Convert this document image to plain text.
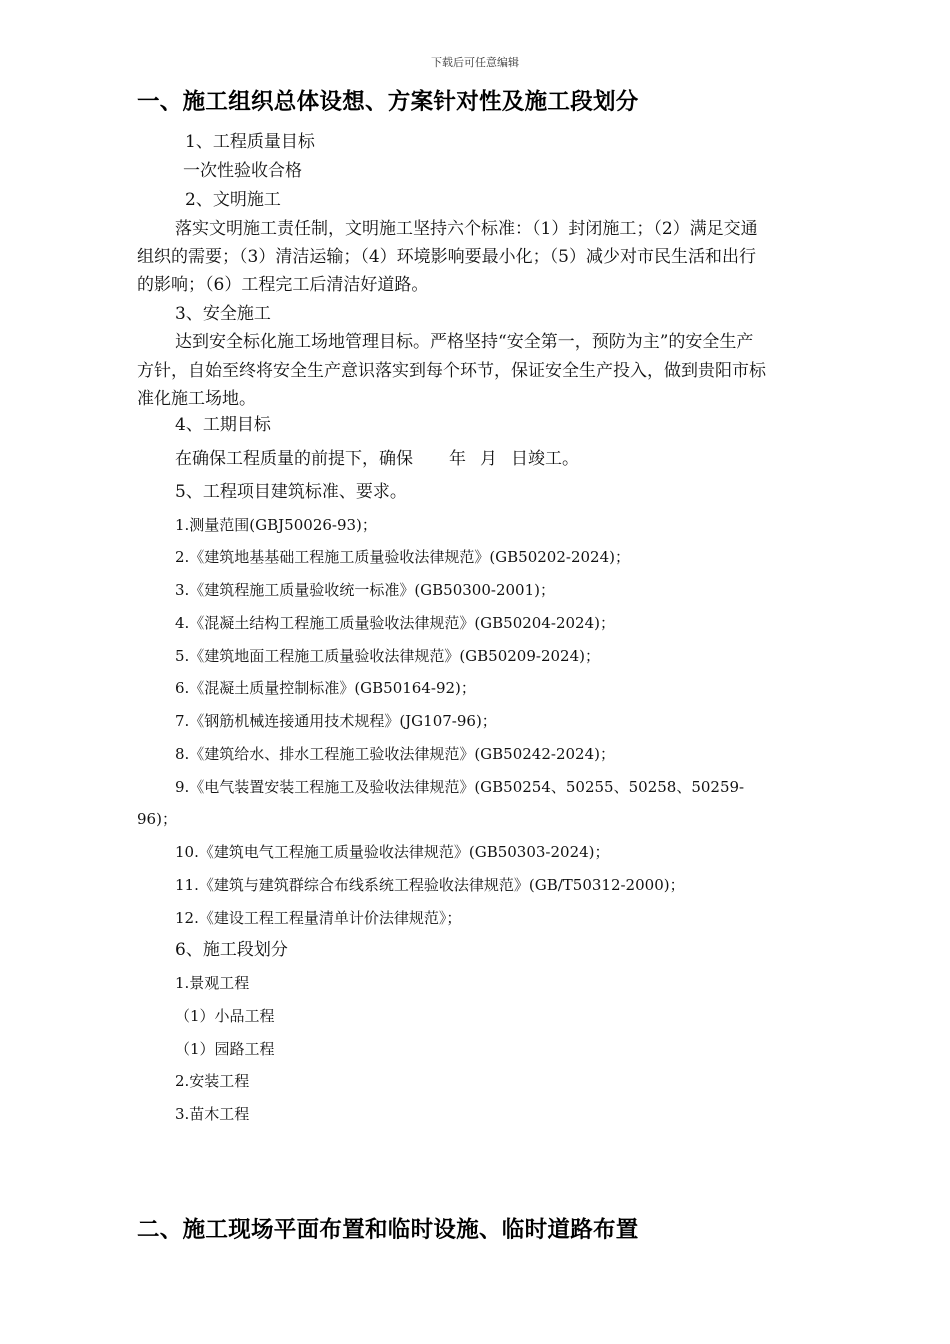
下载后可任意编辑
一、施工组织总体设想、方案针对性及施工段划分
1、工程质量目标
一次性验收合格
2、文明施工
落实文明施工责任制，文明施工坚持六个标准：（1）封闭施工；（2）满足交通
组织的需要；（3）清洁运输；（4）环境影响要最小化；（5）减少对市民生活和出行
的影响；（6）工程完工后清洁好道路。
3、安全施工
达到安全标化施工场地管理目标。严格坚持“安全第一，预防为主”的安全生产
方针，自始至终将安全生产意识落实到每个环节，保证安全生产投入，做到贵阳市标
准化施工场地。
4、工期目标
在确保工程质量的前提下，确保 年 月 日竣工。
5、工程项目建筑标准、要求。
1.测量范围(GBJ50026-93)；
2.《建筑地基基础工程施工质量验收法律规范》(GB50202-2024)；
3.《建筑程施工质量验收统一标准》(GB50300-2001)；
4.《混凝土结构工程施工质量验收法律规范》(GB50204-2024)；
5.《建筑地面工程施工质量验收法律规范》(GB50209-2024)；
6.《混凝土质量控制标准》(GB50164-92)；
7.《钢筋机械连接通用技术规程》(JG107-96)；
8.《建筑给水、排水工程施工验收法律规范》(GB50242-2024)；
9.《电气装置安装工程施工及验收法律规范》(GB50254、50255、50258、50259-
96)；
10.《建筑电气工程施工质量验收法律规范》(GB50303-2024)；
11.《建筑与建筑群综合布线系统工程验收法律规范》(GB/T50312-2000)；
12.《建设工程工程量清单计价法律规范》；
6、施工段划分
1.景观工程
（1）小品工程
（1）园路工程
2.安装工程
3.苗木工程
二、施工现场平面布置和临时设施、临时道路布置
